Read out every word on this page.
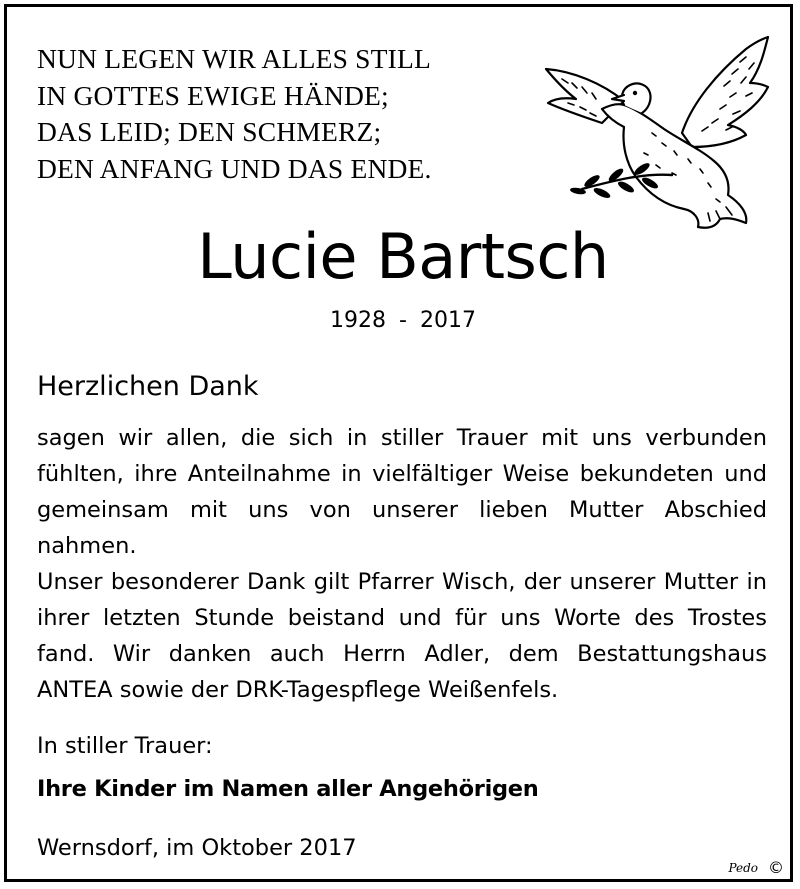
NUN LEGEN WIR ALLES STILL
IN GOTTES EWIGE HÄNDE;
DAS LEID; DEN SCHMERZ;
DEN ANFANG UND DAS ENDE.
Lucie Bartsch
1928 - 2017
Herzlichen Dank

sagen wir allen, die sich in stiller Trauer mit uns verbunden fühlten, ihre Anteilnahme in vielfältiger Weise bekundeten und gemeinsam mit uns von unserer lieben Mutter Abschied nahmen.

Unser besonderer Dank gilt Pfarrer Wisch, der unserer Mutter in ihrer letzten Stunde beistand und für uns Worte des Trostes fand. Wir danken auch Herrn Adler, dem Bestattungshaus ANTEA sowie der DRK-Tagespflege Weißenfels.

In stiller Trauer:
Ihre Kinder im Namen aller Angehörigen
Wernsdorf, im Oktober 2017
Pedo ©
